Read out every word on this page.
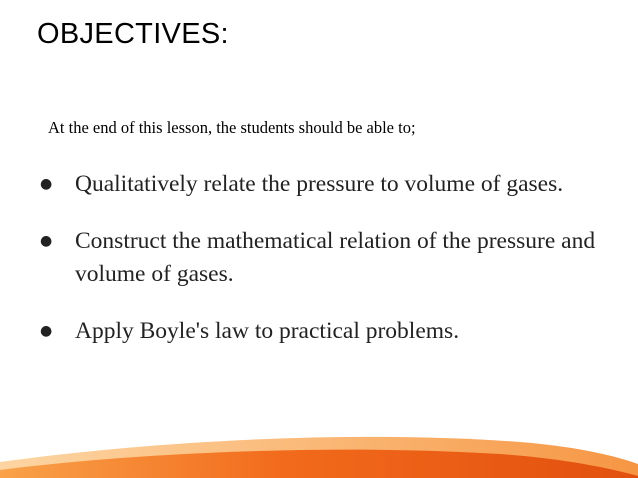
OBJECTIVES:
At the end of this lesson, the students should be able to;
● Qualitatively relate the pressure to volume of gases.
● Construct the mathematical relation of the pressure and volume of gases.
● Apply Boyle's law to practical problems.
